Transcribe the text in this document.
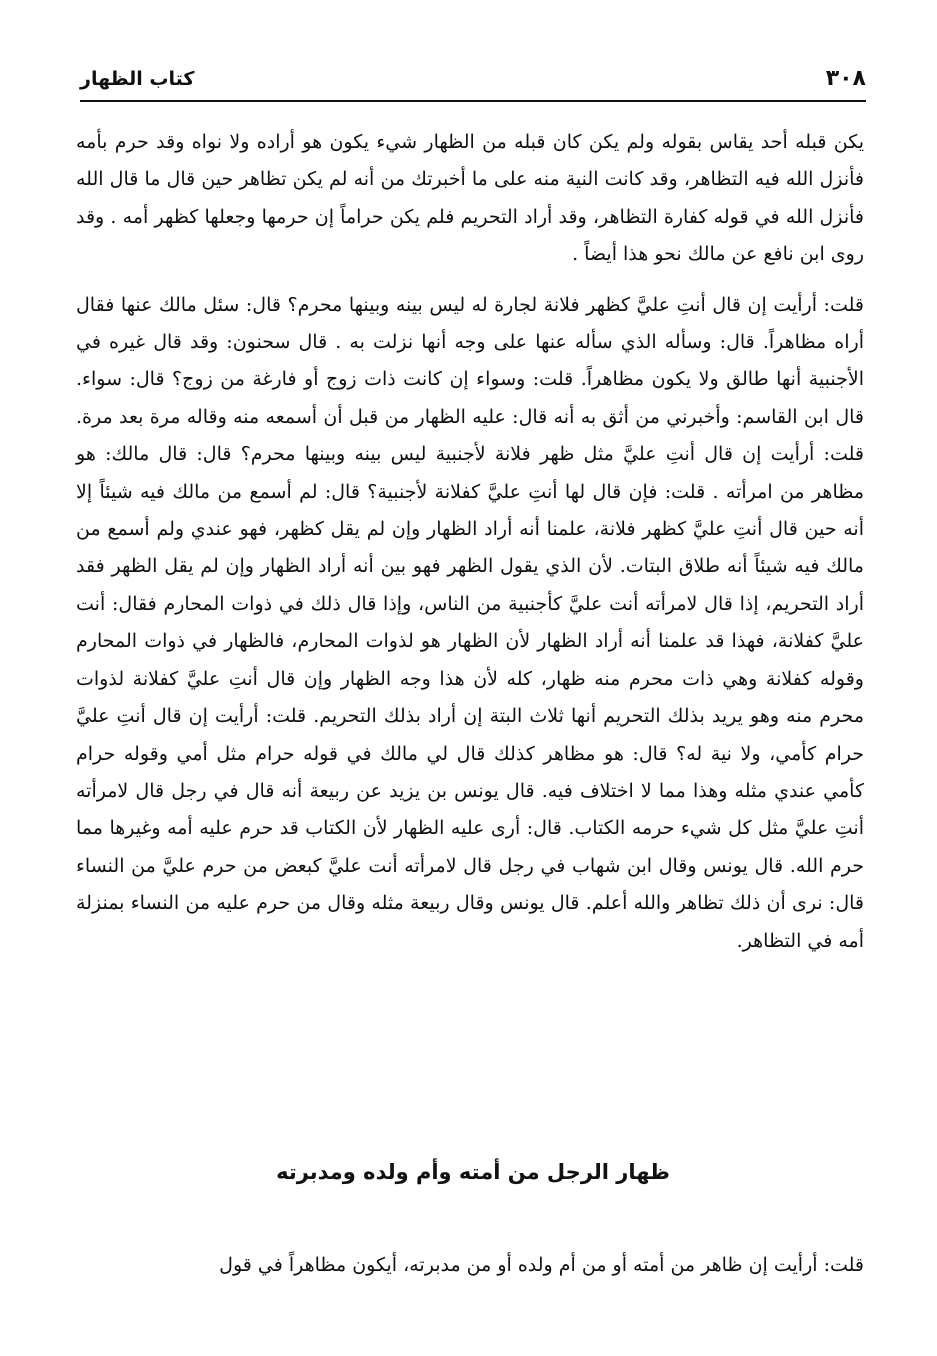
كتاب الظهار	٣٠٨

يكن قبله أحد يقاس بقوله ولم يكن كان قبله من الظهار شيء يكون هو أراده ولا نواه وقد حرم بأمه فأنزل الله فيه التظاهر، وقد كانت النية منه على ما أخبرتك من أنه لم يكن تظاهر حين قال ما قال الله فأنزل الله في قوله كفارة التظاهر، وقد أراد التحريم فلم يكن حراماً إن حرمها وجعلها كظهر أمه . وقد روى ابن نافع عن مالك نحو هذا أيضاً .

قلت: أرأيت إن قال أنتِ عليَّ كظهر فلانة لجارة له ليس بينه وبينها محرم؟ قال: سئل مالك عنها فقال أراه مظاهراً. قال: وسأله الذي سأله عنها على وجه أنها نزلت به . قال سحنون: وقد قال غيره في الأجنبية أنها طالق ولا يكون مظاهراً. قلت: وسواء إن كانت ذات زوج أو فارغة من زوج؟ قال: سواء. قال ابن القاسم: وأخبرني من أثق به أنه قال: عليه الظهار من قبل أن أسمعه منه وقاله مرة بعد مرة. قلت: أرأيت إن قال أنتِ عليَّ مثل ظهر فلانة لأجنبية ليس بينه وبينها محرم؟ قال: قال مالك: هو مظاهر من امرأته . قلت: فإن قال لها أنتِ عليَّ كفلانة لأجنبية؟ قال: لم أسمع من مالك فيه شيئاً إلا أنه حين قال أنتِ عليَّ كظهر فلانة، علمنا أنه أراد الظهار وإن لم يقل كظهر، فهو عندي ولم أسمع من مالك فيه شيئاً أنه طلاق البتات. لأن الذي يقول الظهر فهو بين أنه أراد الظهار وإن لم يقل الظهر فقد أراد التحريم، إذا قال لامرأته أنت عليَّ كأجنبية من الناس، وإذا قال ذلك في ذوات المحارم فقال: أنت عليَّ كفلانة، فهذا قد علمنا أنه أراد الظهار لأن الظهار هو لذوات المحارم، فالظهار في ذوات المحارم وقوله كفلانة وهي ذات محرم منه ظهار، كله لأن هذا وجه الظهار وإن قال أنتِ عليَّ كفلانة لذوات محرم منه وهو يريد بذلك التحريم أنها ثلاث البتة إن أراد بذلك التحريم. قلت: أرأيت إن قال أنتِ عليَّ حرام كأمي، ولا نية له؟ قال: هو مظاهر كذلك قال لي مالك في قوله حرام مثل أمي وقوله حرام كأمي عندي مثله وهذا مما لا اختلاف فيه. قال يونس بن يزيد عن ربيعة أنه قال في رجل قال لامرأته أنتِ عليَّ مثل كل شيء حرمه الكتاب. قال: أرى عليه الظهار لأن الكتاب قد حرم عليه أمه وغيرها مما حرم الله. قال يونس وقال ابن شهاب في رجل قال لامرأته أنت عليَّ كبعض من حرم عليَّ من النساء قال: نرى أن ذلك تظاهر والله أعلم. قال يونس وقال ربيعة مثله وقال من حرم عليه من النساء بمنزلة أمه في التظاهر.

ظهار الرجل من أمته وأم ولده ومدبرته

قلت: أرأيت إن ظاهر من أمته أو من أم ولده أو من مدبرته، أيكون مظاهراً في قول
